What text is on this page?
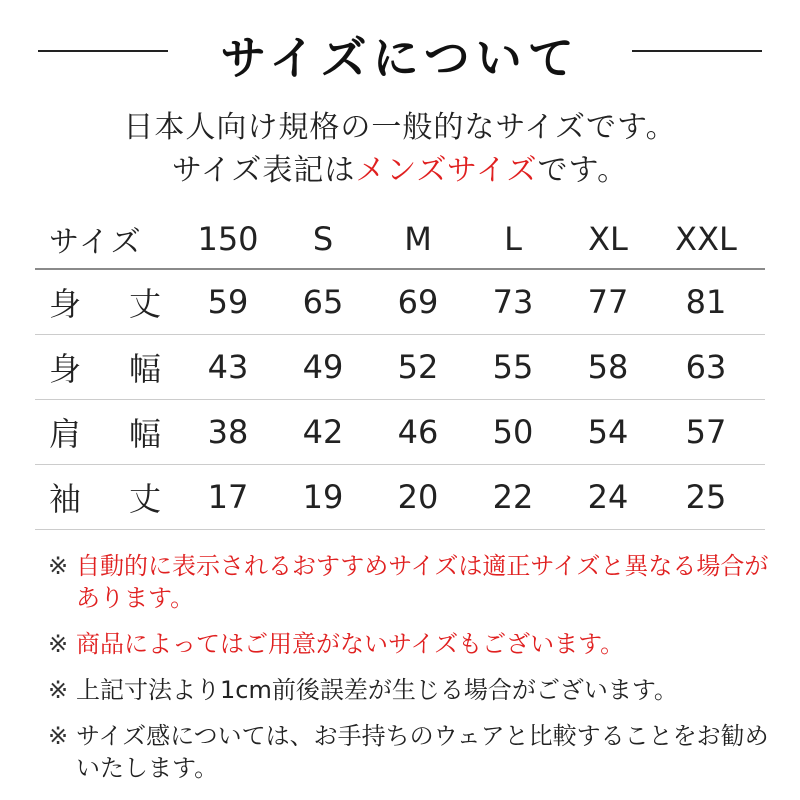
サイズについて
日本人向け規格の一般的なサイズです。
サイズ表記はメンズサイズです。
サイズ	150	S	M	L	XL	XXL
身 丈	59	65	69	73	77	81
身 幅	43	49	52	55	58	63
肩 幅	38	42	46	50	54	57
袖 丈	17	19	20	22	24	25
※ 自動的に表示されるおすすめサイズは適正サイズと異なる場合があります。
※ 商品によってはご用意がないサイズもございます。
※ 上記寸法より1cm前後誤差が生じる場合がございます。
※ サイズ感については、お手持ちのウェアと比較することをお勧めいたします。
